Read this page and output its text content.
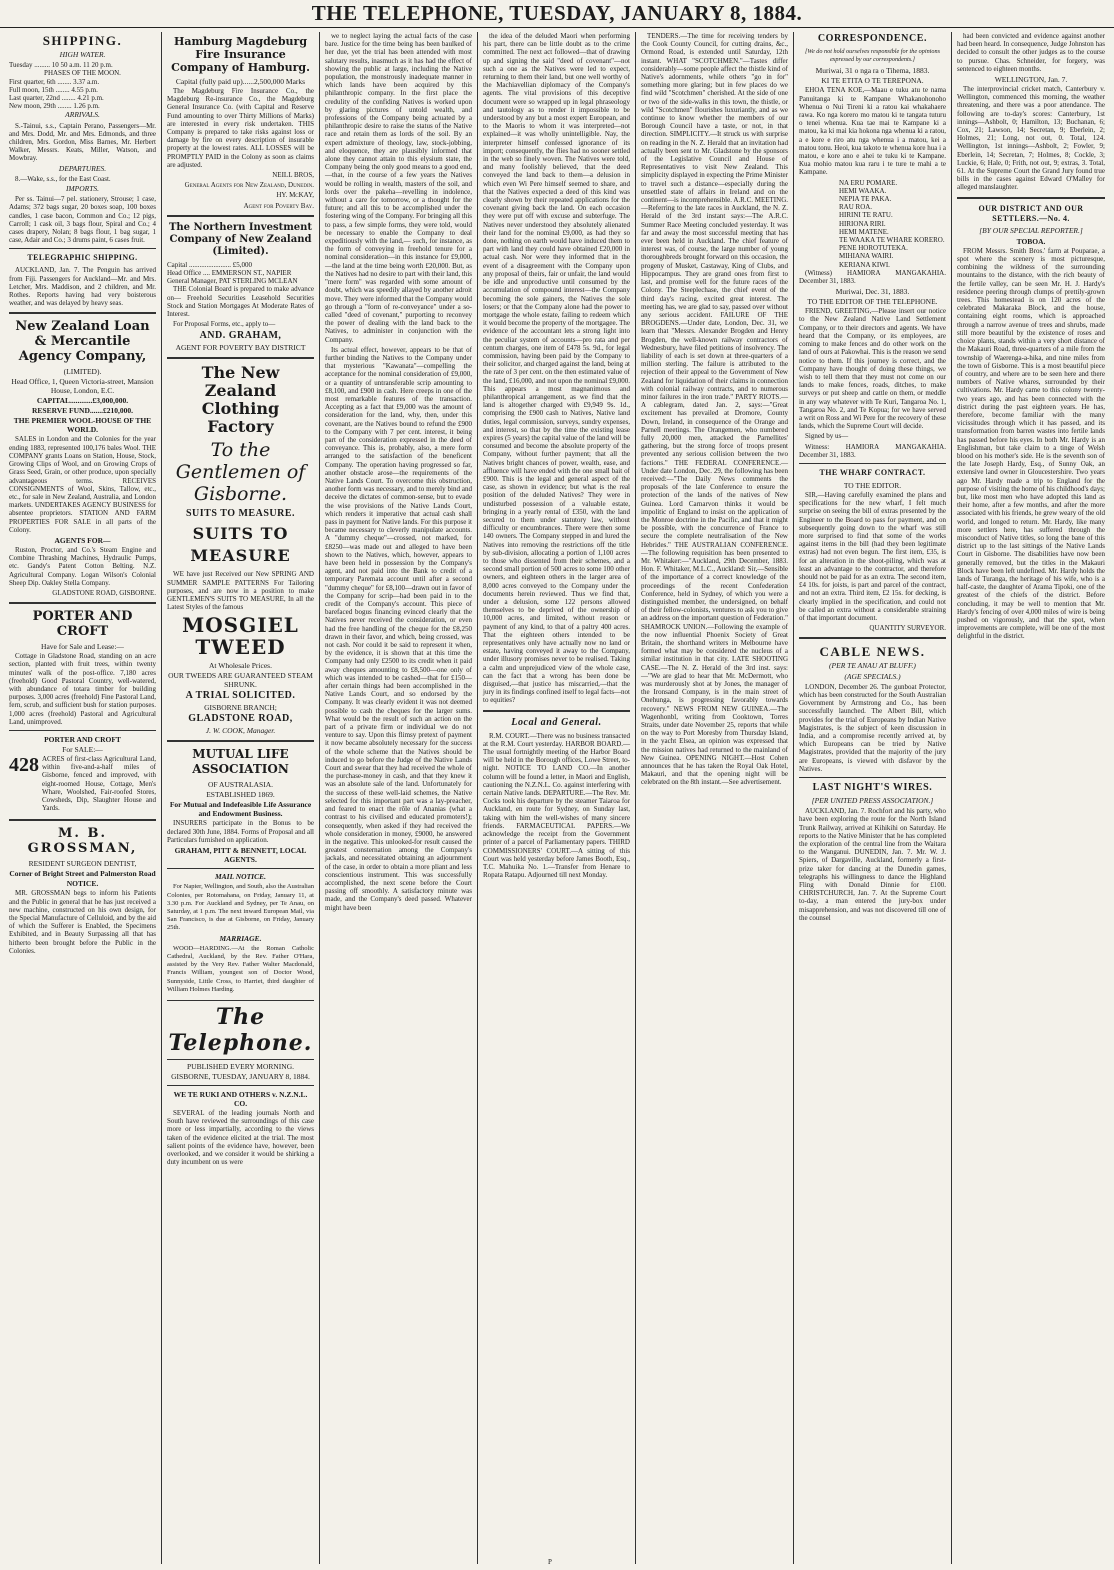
THE TELEPHONE, TUESDAY, JANUARY 8, 1884.
SHIPPING.
HIGH WATER.
Tuesday ......... 10 50 a.m. 11 20 p.m.
PHASES OF THE MOON.
First quarter, 6th ........ 3.37 a.m.
Full moon, 15th ........ 4.55 p.m.
Last quarter, 22nd ........ 4.21 p.m.
New moon, 29th ........ 1.26 p.m.
ARRIVALS.

S.-Tainui, s.s., Captain Perano, Passengers—Mr. and Mrs. Dodd, Mr. and Mrs. Edmonds, and three children, Mrs. Gordon, Miss Barnes, Mr. Herbert Walker, Messrs. Keats, Miller, Watson, and Mowbray.

DEPARTURES.

8.—Wake, s.s., for the East Coast.

IMPORTS.

Per ss. Tainui—7 pel. stationery, Strouse; 1 case, Adams; 372 bags sugar, 20 boxes soap, 100 boxes candles, 1 case bacon, Common and Co.; 12 pigs, Carroll; 1 cask oil, 3 bags flour, Spiral and Co.; 4 cases drapery, Nolan; 8 bags flour, 1 bag sugar, 1 case, Adair and Co.; 3 drums paint, 6 cases fruit.

TELEGRAPHIC SHIPPING.

AUCKLAND, Jan. 7. The Penguin has arrived from Fiji. Passengers for Auckland—Mr. and Mrs. Letcher, Mrs. Maddison, and 2 children, and Mr. Rothes. Reports having had very boisterous weather, and was delayed by heavy seas.

New Zealand Loan & Mercantile Agency Company,
(LIMITED).
Head Office, 1, Queen Victoria-street, Mansion House, London, E.C.
CAPITAL............£3,000,000.
RESERVE FUND.......£210,000.
THE PREMIER WOOL-HOUSE OF THE WORLD.

SALES in London and the Colonies for the year ending 1883, represented 100,176 bales Wool. THE COMPANY grants Loans on Station, House, Stock, Growing Clips of Wool, and on Growing Crops of Grass Seed, Grain, or other produce, upon specially advantageous terms. RECEIVES CONSIGNMENTS of Wool, Skins, Tallow, etc., etc., for sale in New Zealand, Australia, and London markets. UNDERTAKES AGENCY BUSINESS for absentee proprietors. STATION AND FARM PROPERTIES FOR SALE in all parts of the Colony.

AGENTS FOR—

Ruston, Proctor, and Co.'s Steam Engine and Combine Thrashing Machines, Hydraulic Pumps, etc. Gandy's Patent Cotton Belting. N.Z. Agricultural Company. Logan Wilson's Colonial Sheep Dip. Oakley Stella Company.

GLADSTONE ROAD, GISBORNE.
PORTER AND CROFT
Have for Sale and Lease:—

Cottage in Gladstone Road, standing on an acre section, planted with fruit trees, within twenty minutes' walk of the post-office. 7,180 acres (freehold) Good Pastoral Country, well-watered, with abundance of totara timber for building purposes. 3,000 acres (freehold) Fine Pastoral Land, fern, scrub, and sufficient bush for station purposes. 1,000 acres (freehold) Pastoral and Agricultural Land, unimproved.

PORTER AND CROFT
For SALE:—
428 ACRES of first-class Agricultural Land, within five-and-a-half miles of Gisborne, fenced and improved, with eight-roomed House, Cottage, Men's Whare, Woolshed, Fair-roofed Stores, Cowsheds, Dip, Slaughter House and Yards.
M. B. GROSSMAN,
RESIDENT SURGEON DENTIST,
Corner of Bright Street and Palmerston Road
NOTICE.

MR. GROSSMAN begs to inform his Patients and the Public in general that he has just received a new machine, constructed on his own design, for the Special Manufacture of Celluloid, and by the aid of which the Sufferer is Enabled, the Specimens Exhibited, and in Beauty Surpassing all that has hitherto been brought before the Public in the Colonies.

Hamburg Magdeburg Fire Insurance Company of Hamburg.
Capital (fully paid up)......2,500,000 Marks

The Magdeburg Fire Insurance Co., the Magdeburg Re-insurance Co., the Magdeburg General Insurance Co. (with Capital and Reserve Fund amounting to over Thirty Millions of Marks) are interested in every risk undertaken. THIS Company is prepared to take risks against loss or damage by fire on every description of insurable property at the lowest rates. ALL LOSSES will be PROMPTLY PAID in the Colony as soon as claims are adjusted.

NEILL BROS,
General Agents for New Zealand, Dunedin.
HY. McKAY,
Agent for Poverty Bay.
The Northern Investment Company of New Zealand (Limited).
Capital ........................ £5,000
Head Office .... EMMERSON ST., NAPIER
General Manager, PAT STERLING MCLEAN

THE Colonial Board is prepared to make advance on— Freehold Securities Leasehold Securities Stock and Station Mortgages At Moderate Rates of Interest.

For Proposal Forms, etc., apply to—

AND. GRAHAM,
AGENT FOR POVERTY BAY DISTRICT
The New Zealand Clothing Factory
To the Gentlemen of Gisborne.
SUITS TO MEASURE.
SUITS TO MEASURE

WE have just Received our New SPRING AND SUMMER SAMPLE PATTERNS For Tailoring purposes, and are now in a position to make GENTLEMEN'S SUITS TO MEASURE, In all the Latest Styles of the famous

MOSGIEL TWEED
At Wholesale Prices.
OUR TWEEDS ARE GUARANTEED STEAM SHRUNK.
A TRIAL SOLICITED.
GISBORNE BRANCH;
GLADSTONE ROAD,
J. W. COOK, Manager.
MUTUAL LIFE ASSOCIATION
OF AUSTRALASIA.
ESTABLISHED 1869.
For Mutual and Indefeasible Life Assurance and Endowment Business.

INSURERS participate in the Bonus to be declared 30th June, 1884. Forms of Proposal and all Particulars furnished on application.

GRAHAM, PITT & BENNETT, LOCAL AGENTS.
MAIL NOTICE.

For Napier, Wellington, and South, also the Australian Colonies, per Rotomahana, on Friday, January 11, at 3.30 p.m. For Auckland and Sydney, per Te Anau, on Saturday, at 1 p.m. The next inward European Mail, via San Francisco, is due at Gisborne, on Friday, January 25th.

MARRIAGE.

WOOD—HARDING.—At the Roman Catholic Cathedral, Auckland, by the Rev. Father O'Hara, assisted by the Very Rev. Father Walter Macdonald, Francis William, youngest son of Doctor Wood, Sunnyside, Little Cross, to Harriet, third daughter of William Holmes Harding.

The Telephone.
PUBLISHED EVERY MORNING.
GISBORNE, TUESDAY, JANUARY 8, 1884.
WE TE RUKI AND OTHERS v. N.Z.N.L. CO.

SEVERAL of the leading journals North and South have reviewed the surroundings of this case more or less impartially, according to the views taken of the evidence elicited at the trial. The most salient points of the evidence have, however, been overlooked, and we consider it would be shirking a duty incumbent on us were

we to neglect laying the actual facts of the case bare. Justice for the time being has been baulked of her due, yet the trial has been attended with most salutary results, inasmuch as it has had the effect of showing the public at large, including the Native population, the monstrously inadequate manner in which lands have been acquired by this philanthropic company. In the first place the credulity of the confiding Natives is worked upon by glaring pictures of untold wealth, and professions of the Company being actuated by a philanthropic desire to raise the status of the Native race and retain them as lords of the soil. By an expert admixture of theology, law, stock-jobbing, and eloquence, they are plausibly informed that alone they cannot attain to this elysium state, the Company being the only good means to a good end,—that, in the course of a few years the Natives would be rolling in wealth, masters of the soil, and lords over the pakeha—revelling in indolence, without a care for tomorrow, or a thought for the future; and all this to be accomplished under the fostering wing of the Company. For bringing all this to pass, a few simple forms, they were told, would be necessary to enable the Company to deal expeditiously with the land,— such, for instance, as the form of conveying in freehold tenure for a nominal consideration—in this instance for £9,000,—the land at the time being worth £20,000. But, as the Natives had no desire to part with their land, this "mere form" was regarded with some amount of doubt, which was speedily allayed by another adroit move. They were informed that the Company would go through a "form of re-conveyance" under a so-called "deed of covenant," purporting to reconvey the power of dealing with the land back to the Natives, to administer in conjunction with the Company.

Its actual effect, however, appears to be that of further binding the Natives to the Company under that mysterious "Kawanata"—compelling the acceptance for the nominal consideration of £9,000, or a quantity of untransferable scrip amounting to £8,100, and £900 in cash. Here creeps in one of the most remarkable features of the transaction. Accepting as a fact that £9,000 was the amount of consideration for the land, why, then, under this covenant, are the Natives bound to refund the £900 to the Company with 7 per cent. interest, it being part of the consideration expressed in the deed of conveyance. This is, probably, also, a mere form arranged to the satisfaction of the beneficent Company. The operation having progressed so far, another obstacle arose—the requirements of the Native Lands Court. To overcome this obstruction, another form was necessary, and to merely bind and deceive the dictates of common-sense, but to evade the wise provisions of the Native Lands Court, which renders it imperative that actual cash shall pass in payment for Native lands. For this purpose it became necessary to cleverly manipulate accounts. A "dummy cheque"—crossed, not marked, for £8250—was made out and alleged to have been shown to the Natives, which, however, appears to have been held in possession by the Company's agent, and not paid into the Bank to credit of a temporary Paremata account until after a second "dummy cheque" for £8,100—drawn out in favor of the Company for scrip—had been paid in to the credit of the Company's account. This piece of barefaced bogus financing evinced clearly that the Natives never received the consideration, or even had the free handling of the cheque for the £8,250 drawn in their favor, and which, being crossed, was not cash. Nor could it be said to represent it when, by the evidence, it is shown that at this time the Company had only £2500 to its credit when it paid away cheques amounting to £8,500—one only of which was intended to be cashed—that for £150—after certain things had been accomplished in the Native Lands Court, and so endorsed by the Company. It was clearly evident it was not deemed possible to cash the cheques for the larger sums. What would be the result of such an action on the part of a private firm or individual we do not venture to say. Upon this flimsy pretext of payment it now became absolutely necessary for the success of the whole scheme that the Natives should be induced to go before the Judge of the Native Lands Court and swear that they had received the whole of the purchase-money in cash, and that they knew it was an absolute sale of the land. Unfortunately for the success of these well-laid schemes, the Native selected for this important part was a lay-preacher, and feared to enact the rôle of Ananias (what a contrast to his civilised and educated promoters!); consequently, when asked if they had received the whole consideration in money, £9000, he answered in the negative. This unlooked-for result caused the greatest consternation among the Company's jackals, and necessitated obtaining an adjournment of the case, in order to obtain a more pliant and less conscientious instrument. This was successfully accomplished, the next scene before the Court passing off smoothly. A satisfactory minute was made, and the Company's deed passed. Whatever might have been

the idea of the deluded Maori when performing his part, there can be little doubt as to the crime committed. The next act followed—that of drawing up and signing the said "deed of covenant"—not such a one as the Natives were led to expect, returning to them their land, but one well worthy of the Machiavellian diplomacy of the Company's agents. The vital provisions of this deceptive document were so wrapped up in legal phraseology and tautology as to render it impossible to be understood by any but a most expert European, and to the Maoris to whom it was interpreted—not explained—it was wholly unintelligible. Nay, the interpreter himself confessed ignorance of its import; consequently, the flies had no sooner settled in the web so finely woven. The Natives were told, and many foolishly believed, that the deed conveyed the land back to them—a delusion in which even Wi Pere himself seemed to share, and that the Natives expected a deed of this kind was clearly shown by their repeated applications for the covenant giving back the land. On each occasion they were put off with excuse and subterfuge. The Natives never understood they absolutely alienated their land for the nominal £9,000, as had they so done, nothing on earth would have induced them to part with land they could have obtained £20,000 in actual cash. Nor were they informed that in the event of a disagreement with the Company upon any proposal of theirs, fair or unfair, the land would be idle and unproductive until consumed by the accumulation of compound interest—the Company becoming the sole gainers, the Natives the sole losers; or that the Company alone had the power to mortgage the whole estate, failing to redeem which it would become the property of the mortgagee. The evidence of the accountant lets a strong light into the peculiar system of accounts—pro rata and per centum charges, one item of £478 5s. 9d., for legal commission, having been paid by the Company to their solicitor, and charged against the land, being at the rate of 3 per cent. on the then estimated value of the land, £16,000, and not upon the nominal £9,000. This appears a most magnanimous and philanthropical arrangement, as we find that the land is altogether charged with £9,949 9s. 1d., comprising the £900 cash to Natives, Native land duties, legal commission, surveys, sundry expenses, and interest, so that by the time the existing lease expires (5 years) the capital value of the land will be consumed and become the absolute property of the Company, without further payment; that all the Natives bright chances of power, wealth, ease, and affluence will have ended with the one small bait of £900. This is the legal and general aspect of the case, as shown in evidence; but what is the real position of the deluded Natives? They were in undisturbed possession of a valuable estate, bringing in a yearly rental of £350, with the land secured to them under statutory law, without difficulty or encumbrances. There were then some 140 owners. The Company stepped in and lured the Natives into removing the restrictions off the title by sub-division, allocating a portion of 1,100 acres to those who dissented from their schemes, and a second small portion of 500 acres to some 100 other owners, and eighteen others in the larger area of 8,000 acres conveyed to the Company under the documents herein reviewed. Thus we find that, under a delusion, some 122 persons allowed themselves to be deprived of the ownership of 10,000 acres, and limited, without reason or payment of any kind, to that of a paltry 400 acres. That the eighteen others intended to be representatives only have actually now no land or estate, having conveyed it away to the Company, under illusory promises never to be realised. Taking a calm and unprejudiced view of the whole case, can the fact that a wrong has been done be disguised,—that justice has miscarried,—that the jury in its findings confined itself to legal facts—not to equities?

Local and General.

R.M. COURT.—There was no business transacted at the R.M. Court yesterday. HARBOR BOARD.—The usual fortnightly meeting of the Harbor Board will be held in the Borough offices, Lowe Street, to-night. NOTICE TO LAND CO.—In another column will be found a letter, in Maori and English, cautioning the N.Z.N.L. Co. against interfering with certain Native lands. DEPARTURE.—The Rev. Mr. Cocks took his departure by the steamer Taiaroa for Auckland, en route for Sydney, on Sunday last, taking with him the well-wishes of many sincere friends. FARMACEUTICAL PAPERS.—We acknowledge the receipt from the Government printer of a parcel of Parliamentary papers. THIRD COMMISSIONERS' COURT.—A sitting of this Court was held yesterday before James Booth, Esq., T.C. Mahuika No. 1.—Transfer from Henare to Ropata Ratapu. Adjourned till next Monday.

TENDERS.—The time for receiving tenders by the Cook County Council, for cutting drains, &c., Ormond Road, is extended until Saturday, 12th instant. WHAT "SCOTCHMEN."—Tastes differ considerably—some people affect the thistle kind of Native's adornments, while others "go in for" something more glaring; but in few places do we find wild "Scotchmen" cherished. At the side of one or two of the side-walks in this town, the thistle, or wild "Scotchmen" flourishes luxuriantly, and as we continue to know whether the members of our Borough Council have a taste, or not, in that direction. SIMPLICITY.—It struck us with surprise on reading in the N. Z. Herald that an invitation had actually been sent to Mr. Gladstone by the sponsors of the Legislative Council and House of Representatives to visit New Zealand. This simplicity displayed in expecting the Prime Minister to travel such a distance—especially during the unsettled state of affairs in Ireland and on the continent—is incomprehensible. A.R.C. MEETING.—Referring to the late races in Auckland, the N. Z. Herald of the 3rd instant says:—The A.R.C. Summer Race Meeting concluded yesterday. It was far and away the most successful meeting that has ever been held in Auckland. The chief feature of interest was, of course, the large number of young thoroughbreds brought forward on this occasion, the progeny of Musket, Castaway, King of Clubs, and Hippocampus. They are grand ones from first to last, and promise well for the future races of the Colony. The Steeplechase, the chief event of the third day's racing, excited great interest. The meeting has, we are glad to say, passed over without any serious accident. FAILURE OF THE BROGDENS.—Under date, London, Dec. 31, we learn that "Messrs. Alexander Brogden and Henry Brogden, the well-known railway contractors of Wednesbury, have filed petitions of insolvency. The liability of each is set down at three-quarters of a million sterling. The failure is attributed to the rejection of their appeal to the Government of New Zealand for liquidation of their claims in connection with colonial railway contracts, and to numerous minor failures in the iron trade." PARTY RIOTS.—A cablegram, dated Jan. 2, says:—"Great excitement has prevailed at Dromore, County Down, Ireland, in consequence of the Orange and Parnell meetings. The Orangemen, who numbered fully 20,000 men, attacked the Parnellites' gathering, but the strong force of troops present prevented any serious collision between the two factions." THE FEDERAL CONFERENCE.—Under date London, Dec. 29, the following has been received:—"The Daily News comments the proposals of the late Conference to ensure the protection of the lands of the natives of New Guinea. Lord Carnarvon thinks it would be impolitic of England to insist on the application of the Monroe doctrine in the Pacific, and that it might be possible, with the concurrence of France to secure the complete neutralisation of the New Hebrides." THE AUSTRALIAN CONFERENCE.—The following requisition has been presented to Mr. Whitaker:—"Auckland, 29th December, 1883. Hon. F. Whitaker, M.L.C., Auckland: Sir,—Sensible of the importance of a correct knowledge of the proceedings of the recent Confederation Conference, held in Sydney, of which you were a distinguished member, the undersigned, on behalf of their fellow-colonists, ventures to ask you to give an address on the important question of Federation." SHAMROCK UNION.—Following the example of the now influential Phoenix Society of Great Britain, the shorthand writers in Melbourne have formed what may be considered the nucleus of a similar institution in that city. LATE SHOOTING CASE.—The N. Z. Herald of the 3rd inst. says:—"We are glad to hear that Mr. McDermott, who was murderously shot at by Jones, the manager of the Ironsand Company, is in the main street of Onehunga, is progressing favorably towards recovery." NEWS FROM NEW GUINEA.—The Wagenhonbl, writing from Cooktown, Torres Straits, under date November 25, reports that while on the way to Port Moresby from Thursday Island, in the yacht Elsea, an opinion was expressed that the mission natives had returned to the mainland of New Guinea. OPENING NIGHT.—Host Cohen announces that he has taken the Royal Oak Hotel, Makauri, and that the opening night will be celebrated on the 8th instant.—See advertisement.

CORRESPONDENCE.
[We do not hold ourselves responsible for the opinions expressed by our correspondents.]
Muriwai, 31 o nga ra o Tihema, 1883.
KI TE ETITA O TE TEREPONA.

EHOA TENA KOE,—Maau e tuku atu te nama Panuitanga ki te Kampane Whakanohonoho Whenua o Nui Tireni ki a ratou kai whakahaere rawa. Ko nga korero mo matou ki te tangata tuturu o tenei whenua. Kua tae mai te Kampane ki a matou, ka ki mai kia hokona nga whenua ki a ratou, a e kore e riro atu nga whenua i a matou, kei a matou tonu. Heoi, kua takoto te whenua kore hua i a matou, e kore ano e ahei te tuku ki te Kampane. Kua mohio matou kua raru i te ture te mahi a te Kampane.

NA ERU POMARE.
HEMI WAAKA.
NEPIA TE PAKA.
RAU ROA.
HIRINI TE RATU.
HIRIONA RIRI.
HEMI MATENE.
TE WAAKA TE WHARE KORERO.
PENE HOROTUTEKA.
MIHIANA WAIRI.
KERIANA KIWI.

(Witness) HAMIORA MANGAKAHIA. December 31, 1883.

Muriwai, Dec. 31, 1883.
TO THE EDITOR OF THE TELEPHONE.

FRIEND, GREETING,—Please insert our notice to the New Zealand Native Land Settlement Company, or to their directors and agents. We have heard that the Company, or its employees, are coming to make fences and do other work on the land of ours at Pakowhai. This is the reason we send notice to them. If this journey is correct, and the Company have thought of doing these things, we wish to tell them that they must not come on our lands to make fences, roads, ditches, to make surveys or put sheep and cattle on them, or meddle in any way whatever with Te Kuri, Tangaroa No. 1, Tangaroa No. 2, and Te Kopua; for we have served a writ on Ross and Wi Pere for the recovery of these lands, which the Supreme Court will decide.

Signed by us—

Witness: HAMIORA MANGAKAHIA. December 31, 1883.

THE WHARF CONTRACT.
TO THE EDITOR.

SIR,—Having carefully examined the plans and specifications for the new wharf, I felt much surprise on seeing the bill of extras presented by the Engineer to the Board to pass for payment, and on subsequently going down to the wharf was still more surprised to find that some of the works against items in the bill (had they been legitimate extras) had not even begun. The first item, £35, is for an alteration in the shoot-piling, which was at least an advantage to the contractor, and therefore should not be paid for as an extra. The second item, £4 10s. for joists, is part and parcel of the contract, and not an extra. Third item, £2 15s. for decking, is clearly implied in the specification, and could not be called an extra without a considerable straining of that important document.

QUANTITY SURVEYOR.
CABLE NEWS.
(PER TE ANAU AT BLUFF.)
(AGE SPECIALS.)

LONDON, December 26. The gunboat Protector, which has been constructed for the South Australian Government by Armstrong and Co., has been successfully launched. The Albert Bill, which provides for the trial of Europeans by Indian Native Magistrates, is the subject of keen discussion in India, and a compromise recently arrived at, by which Europeans can be tried by Native Magistrates, provided that the majority of the jury are Europeans, is viewed with disfavor by the Natives.

LAST NIGHT'S WIRES.
[PER UNITED PRESS ASSOCIATION.]

AUCKLAND, Jan. 7. Rochfort and his party, who have been exploring the route for the North Island Trunk Railway, arrived at Kihikihi on Saturday. He reports to the Native Minister that he has completed the exploration of the central line from the Waitara to the Wanganui. DUNEDIN, Jan. 7. Mr. W. J. Spiers, of Dargaville, Auckland, formerly a first-prize taker for dancing at the Dunedin games, telegraphs his willingness to dance the Highland Fling with Donald Dinnie for £100. CHRISTCHURCH, Jan. 7. At the Supreme Court to-day, a man entered the jury-box under misapprehension, and was not discovered till one of the counsel

had been convicted and evidence against another had been heard. In consequence, Judge Johnston has decided to consult the other judges as to the course to pursue. Chas. Schneider, for forgery, was sentenced to eighteen months.

WELLINGTON, Jan. 7.

The interprovincial cricket match, Canterbury v. Wellington, commenced this morning, the weather threatening, and there was a poor attendance. The following are to-day's scores: Canterbury, 1st innings—Ashbolt, 0; Hamilton, 13; Buchanan, 6; Cox, 21; Lawson, 14; Secretan, 9; Eberlein, 2; Holmes, 21; Long, not out, 0. Total, 124. Wellington, 1st innings—Ashbolt, 2; Fowler, 9; Eberlein, 14; Secretan, 7; Holmes, 8; Cockle, 3; Luckie, 6; Hale, 0; Frith, not out, 9; extras, 3. Total, 61. At the Supreme Court the Grand Jury found true bills in the cases against Edward O'Malley for alleged manslaughter.

OUR DISTRICT AND OUR SETTLERS.—No. 4.
[BY OUR SPECIAL REPORTER.]
TOBOA.

FROM Messrs. Smith Bros.' farm at Pouparae, a spot where the scenery is most picturesque, combining the wildness of the surrounding mountains to the distance, with the rich beauty of the fertile valley, can be seen Mr. H. J. Hardy's residence peering through clumps of prettily-grown trees. This homestead is on 120 acres of the celebrated Makaraka Block, and the house, containing eight rooms, which is approached through a narrow avenue of trees and shrubs, made still more beautiful by the existence of roses and choice plants, stands within a very short distance of the Makauri Road, three-quarters of a mile from the township of Waerenga-a-hika, and nine miles from the town of Gisborne. This is a most beautiful piece of country, and where are to be seen here and there numbers of Native whares, surrounded by their cultivations. Mr. Hardy came to this colony twenty-two years ago, and has been connected with the district during the past eighteen years. He has, therefore, become familiar with the many vicissitudes through which it has passed, and its transformation from barren wastes into fertile lands has passed before his eyes. In both Mr. Hardy is an Englishman, but take claim to a tinge of Welsh blood on his mother's side. He is the seventh son of the late Joseph Hardy, Esq., of Sunny Oak, an extensive land owner in Gloucestershire. Two years ago Mr. Hardy made a trip to England for the purpose of visiting the home of his childhood's days; but, like most men who have adopted this land as their home, after a few months, and after the more associated with his friends, he grew weary of the old world, and longed to return. Mr. Hardy, like many more settlers here, has suffered through the misconduct of Native titles, so long the bane of this district up to the last sittings of the Native Lands Court in Gisborne. The disabilities have now been generally removed, but the titles in the Makauri Block have been left undefined. Mr. Hardy holds the lands of Turanga, the heritage of his wife, who is a half-caste, the daughter of Arama Tipoki, one of the greatest of the chiefs of the district. Before concluding, it may be well to mention that Mr. Hardy's fencing of over 4,000 miles of wire is being pushed on vigorously, and that the spot, when improvements are complete, will be one of the most delightful in the district.

P
